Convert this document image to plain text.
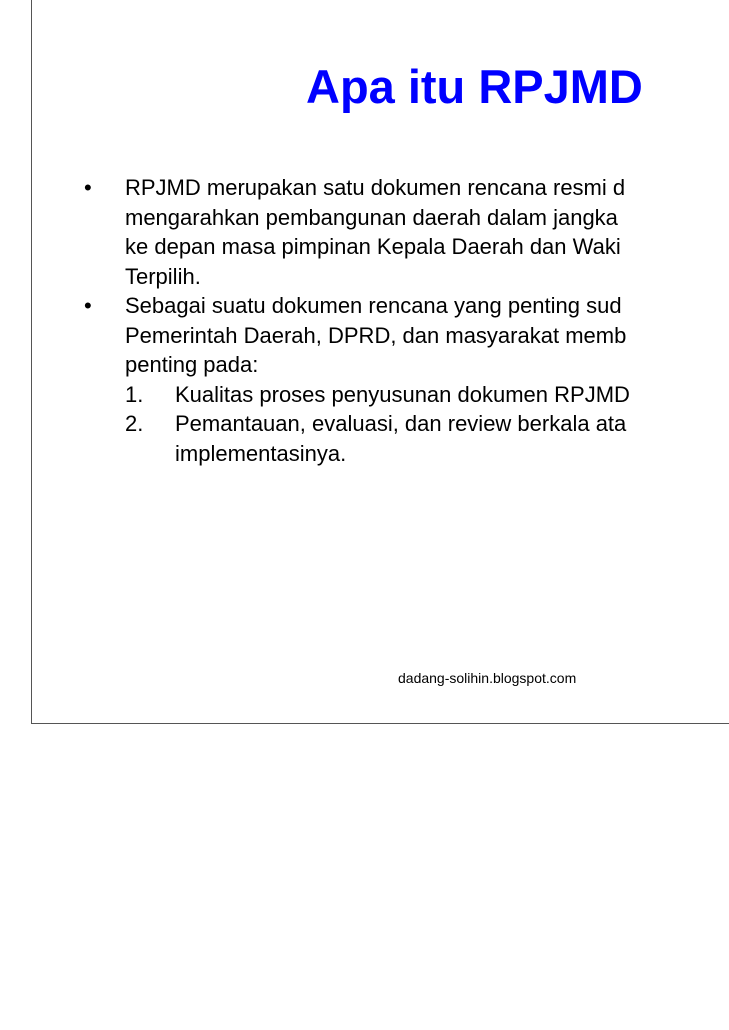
Apa itu RPJMD
• RPJMD merupakan satu dokumen rencana resmi d
mengarahkan pembangunan daerah dalam jangka
ke depan masa pimpinan Kepala Daerah dan Waki
Terpilih.
• Sebagai suatu dokumen rencana yang penting sud
Pemerintah Daerah, DPRD, dan masyarakat memb
penting pada:
1. Kualitas proses penyusunan dokumen RPJMD
2. Pemantauan, evaluasi, dan review berkala ata
implementasinya.
dadang-solihin.blogspot.com
